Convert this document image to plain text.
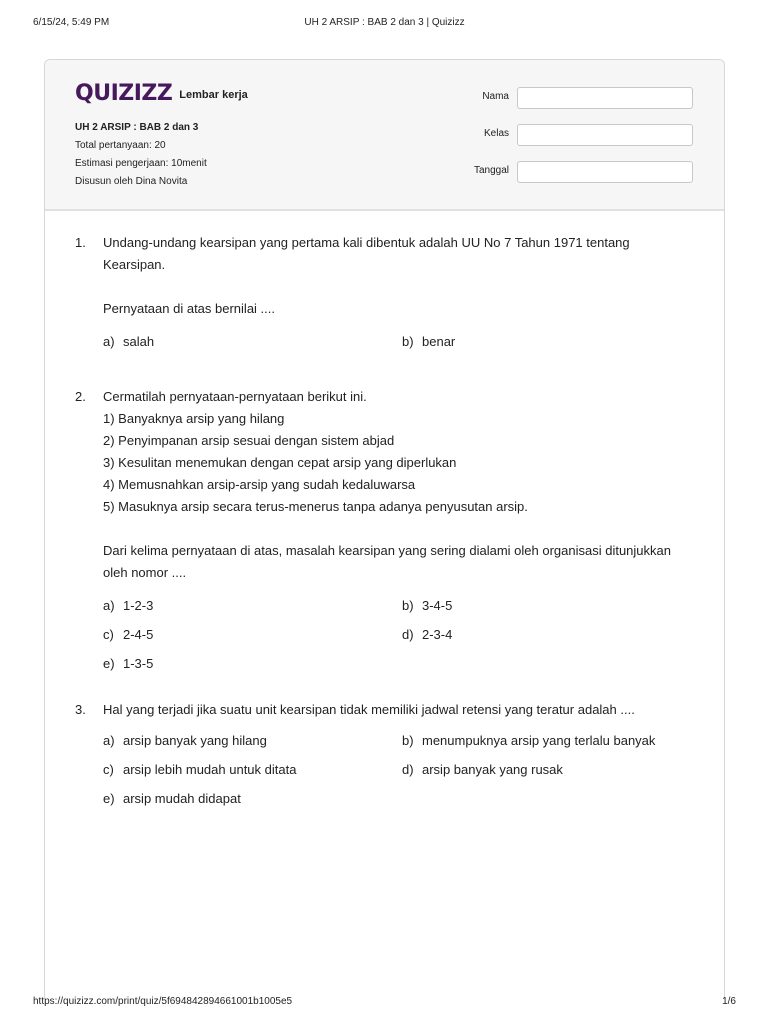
6/15/24, 5:49 PM	UH 2 ARSIP : BAB 2 dan 3 | Quizizz
QUIZIZZ Lembar kerja
UH 2 ARSIP : BAB 2 dan 3
Total pertanyaan: 20
Estimasi pengerjaan: 10menit
Disusun oleh Dina Novita
Nama
Kelas
Tanggal
1. Undang-undang kearsipan yang pertama kali dibentuk adalah UU No 7 Tahun 1971 tentang
Kearsipan.
Pernyataan di atas bernilai ....
a) salah	b) benar
2. Cermatilah pernyataan-pernyataan berikut ini.
1) Banyaknya arsip yang hilang
2) Penyimpanan arsip sesuai dengan sistem abjad
3) Kesulitan menemukan dengan cepat arsip yang diperlukan
4) Memusnahkan arsip-arsip yang sudah kedaluwarsa
5) Masuknya arsip secara terus-menerus tanpa adanya penyusutan arsip.
Dari kelima pernyataan di atas, masalah kearsipan yang sering dialami oleh organisasi ditunjukkan
oleh nomor ....
a) 1-2-3	b) 3-4-5
c) 2-4-5	d) 2-3-4
e) 1-3-5
3. Hal yang terjadi jika suatu unit kearsipan tidak memiliki jadwal retensi yang teratur adalah ....
a) arsip banyak yang hilang	b) menumpuknya arsip yang terlalu banyak
c) arsip lebih mudah untuk ditata	d) arsip banyak yang rusak
e) arsip mudah didapat
https://quizizz.com/print/quiz/5f6948428946610​01b1005e5	1/6
